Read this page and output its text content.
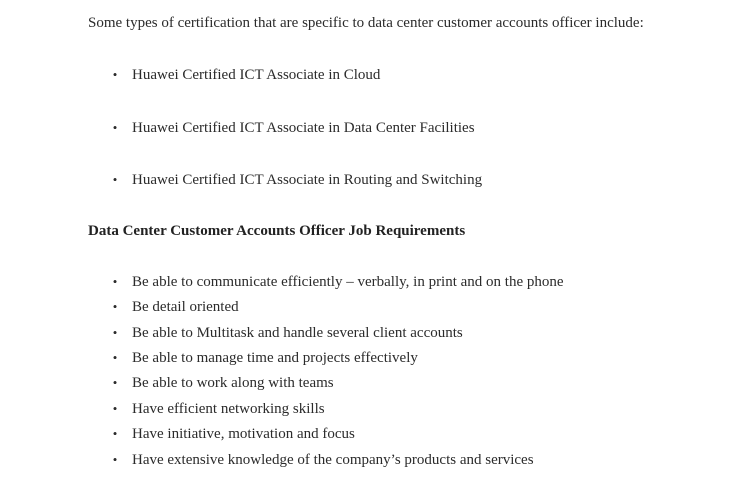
Some types of certification that are specific to data center customer accounts officer include:

• Huawei Certified ICT Associate in Cloud
• Huawei Certified ICT Associate in Data Center Facilities
• Huawei Certified ICT Associate in Routing and Switching
Data Center Customer Accounts Officer Job Requirements
• Be able to communicate efficiently – verbally, in print and on the phone
• Be detail oriented
• Be able to Multitask and handle several client accounts
• Be able to manage time and projects effectively
• Be able to work along with teams
• Have efficient networking skills
• Have initiative, motivation and focus
• Have extensive knowledge of the company’s products and services
